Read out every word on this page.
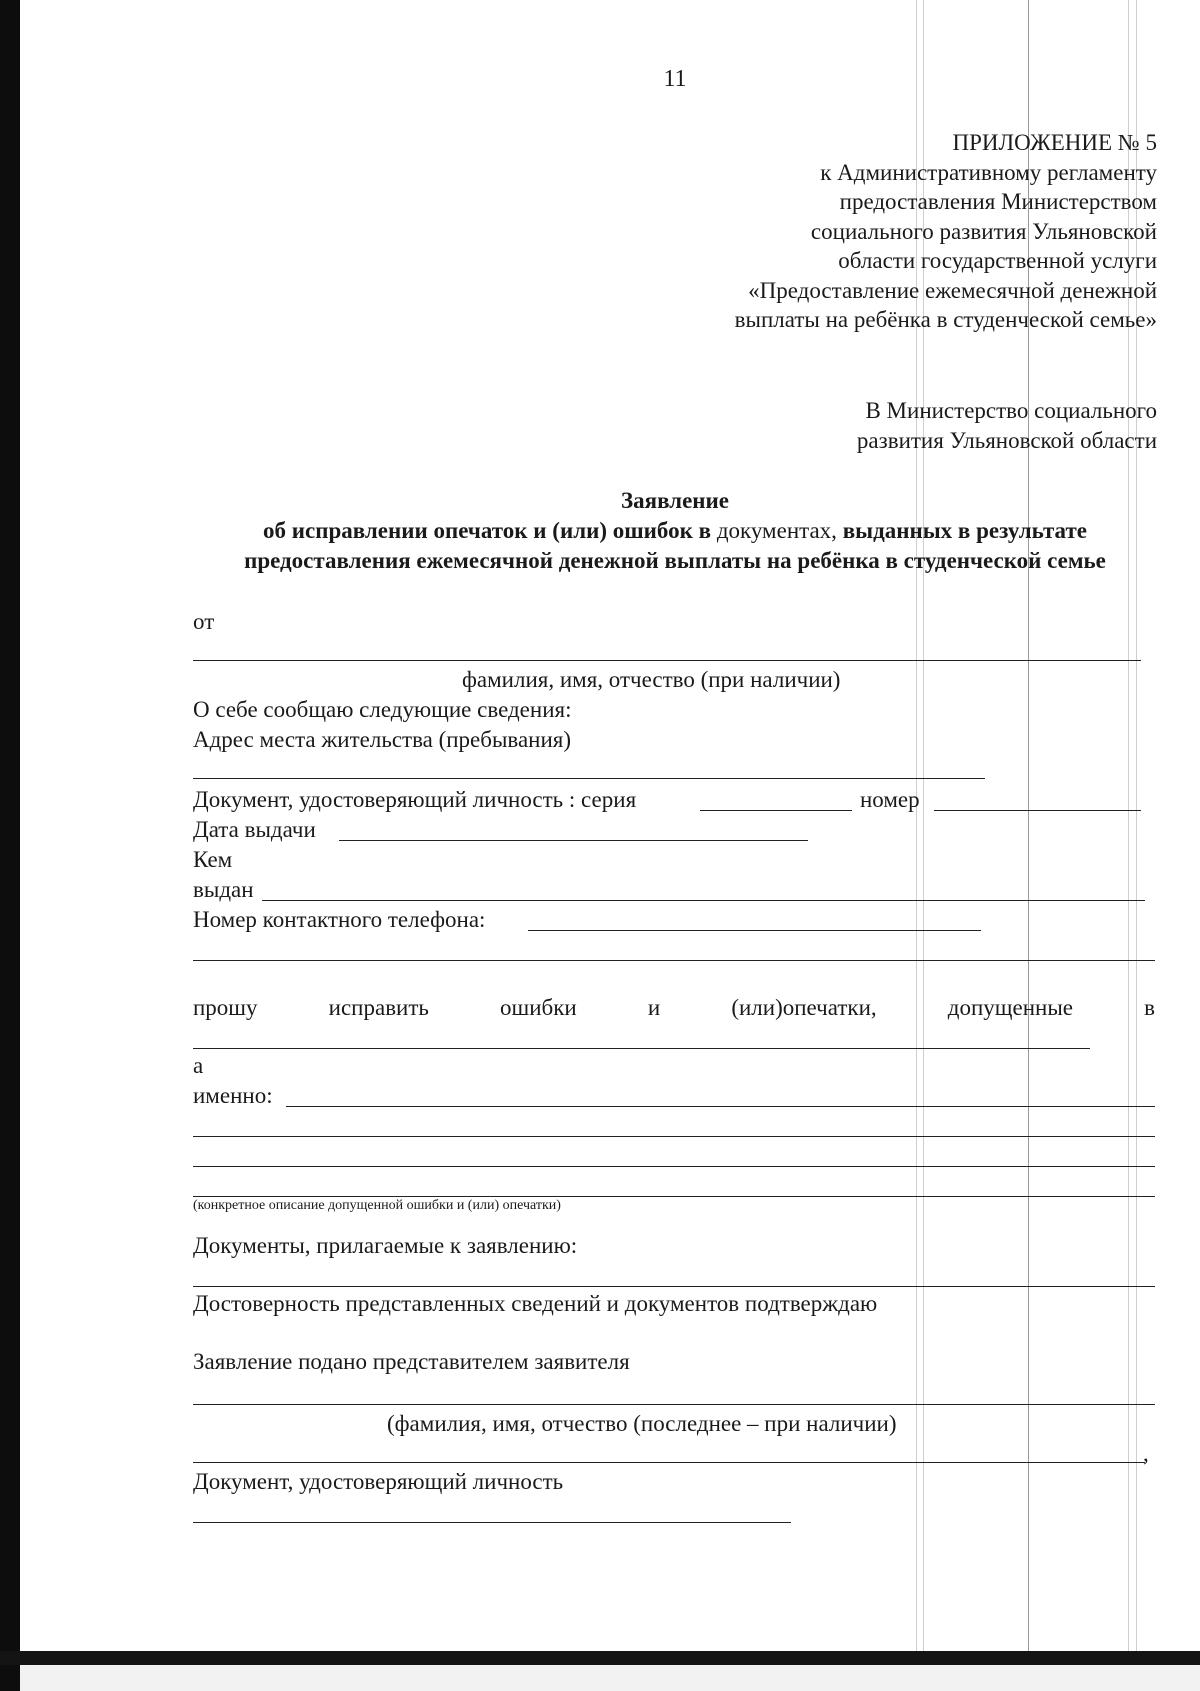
11
ПРИЛОЖЕНИЕ № 5
к Административному регламенту
предоставления Министерством
социального развития Ульяновской
области государственной услуги
«Предоставление ежемесячной денежной
выплаты на ребёнка в студенческой семье»
В Министерство социального
развития Ульяновской области
Заявление
об исправлении опечаток и (или) ошибок в документах, выданных в результате предоставления ежемесячной денежной выплаты на ребёнка в студенческой семье
от
фамилия, имя, отчество (при наличии)
О себе сообщаю следующие сведения:
Адрес места жительства (пребывания)
Документ, удостоверяющий личность : серия	номер
Дата выдачи
Кем
выдан
Номер контактного телефона:
прошу	исправить	ошибки	и	(или)опечатки,	допущенные	в
а
именно:
(конкретное описание допущенной ошибки и (или) опечатки)
Документы, прилагаемые к заявлению:
Достоверность представленных сведений и документов подтверждаю
Заявление подано представителем заявителя
(фамилия, имя, отчество (последнее – при наличии)
,
Документ, удостоверяющий личность
